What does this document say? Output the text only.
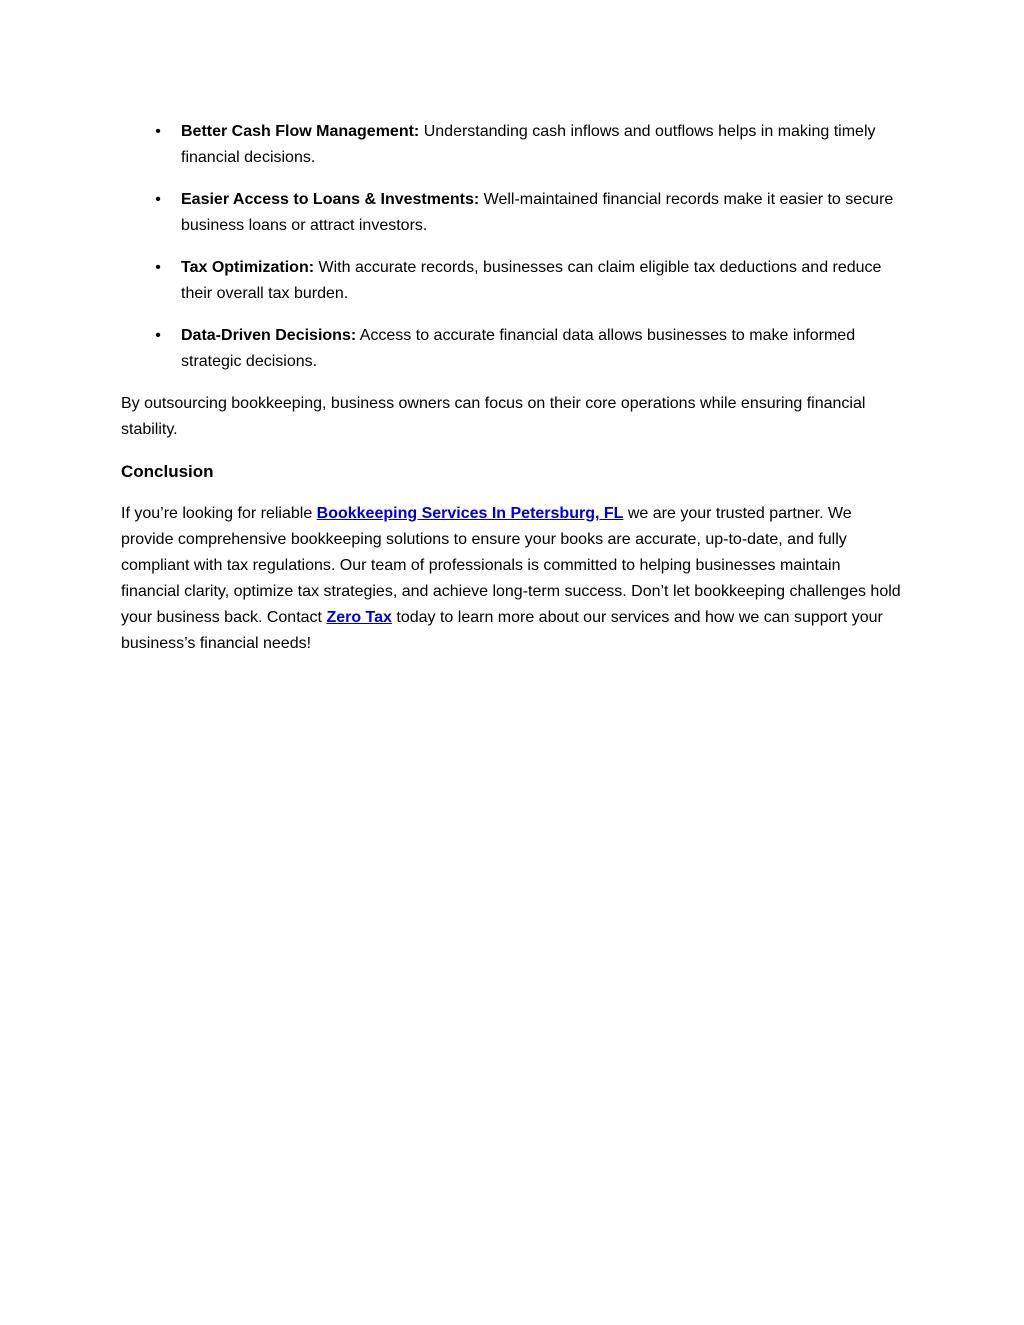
• Better Cash Flow Management: Understanding cash inflows and outflows helps in making timely financial decisions.
• Easier Access to Loans & Investments: Well-maintained financial records make it easier to secure business loans or attract investors.
• Tax Optimization: With accurate records, businesses can claim eligible tax deductions and reduce their overall tax burden.
• Data-Driven Decisions: Access to accurate financial data allows businesses to make informed strategic decisions.

By outsourcing bookkeeping, business owners can focus on their core operations while ensuring financial stability.

Conclusion

If you’re looking for reliable Bookkeeping Services In Petersburg, FL we are your trusted partner. We provide comprehensive bookkeeping solutions to ensure your books are accurate, up-to-date, and fully compliant with tax regulations. Our team of professionals is committed to helping businesses maintain financial clarity, optimize tax strategies, and achieve long-term success. Don’t let bookkeeping challenges hold your business back. Contact Zero Tax today to learn more about our services and how we can support your business’s financial needs!
